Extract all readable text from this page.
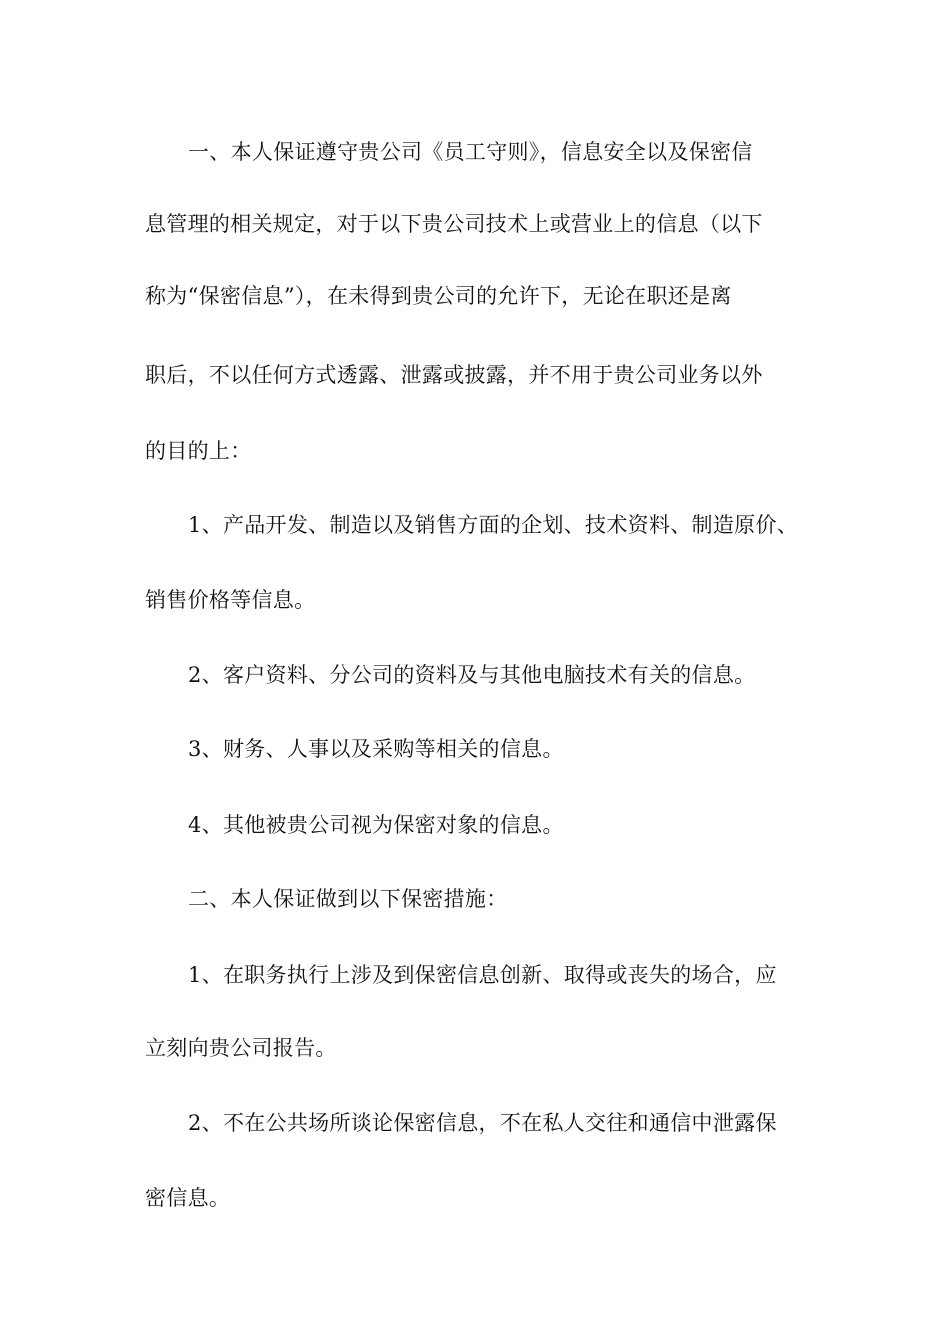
一、本人保证遵守贵公司《员工守则》，信息安全以及保密信
息管理的相关规定，对于以下贵公司技术上或营业上的信息（以下
称为“保密信息”），在未得到贵公司的允许下，无论在职还是离
职后，不以任何方式透露、泄露或披露，并不用于贵公司业务以外
的目的上：
1、产品开发、制造以及销售方面的企划、技术资料、制造原价、
销售价格等信息。
2、客户资料、分公司的资料及与其他电脑技术有关的信息。
3、财务、人事以及采购等相关的信息。
4、其他被贵公司视为保密对象的信息。
二、本人保证做到以下保密措施：
1、在职务执行上涉及到保密信息创新、取得或丧失的场合，应
立刻向贵公司报告。
2、不在公共场所谈论保密信息，不在私人交往和通信中泄露保
密信息。
